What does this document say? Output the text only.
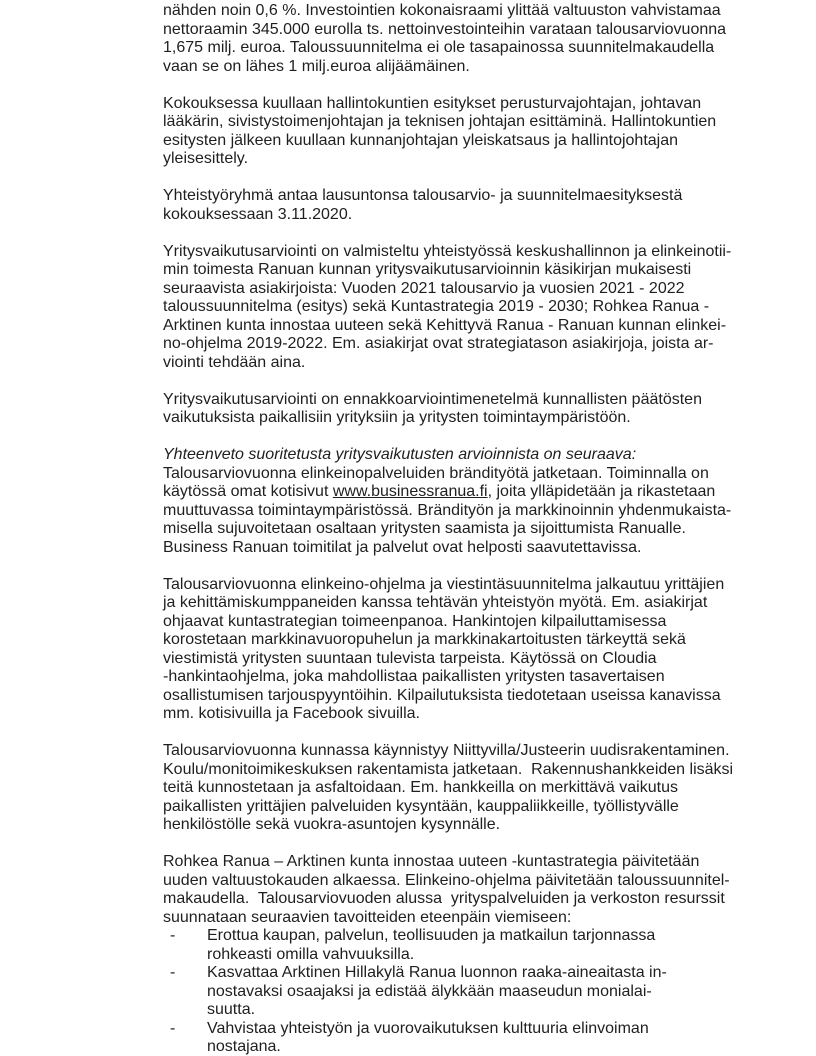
nähden noin 0,6 %. Investointien kokonaisraami ylittää valtuuston vahvistamaa
nettoraamin 345.000 eurolla ts. nettoinvestointeihin varataan talousarviovuonna
1,675 milj. euroa. Taloussuunnitelma ei ole tasapainossa suunnitelmakaudella
vaan se on lähes 1 milj.euroa alijäämäinen.
Kokouksessa kuullaan hallintokuntien esitykset perusturvajohtajan, johtavan
lääkärin, sivistystoimenjohtajan ja teknisen johtajan esittäminä. Hallintokuntien
esitysten jälkeen kuullaan kunnanjohtajan yleiskatsaus ja hallintojohtajan
yleisesittely.
Yhteistyöryhmä antaa lausuntonsa talousarvio- ja suunnitelmaesityksestä
kokouksessaan 3.11.2020.
Yritysvaikutusarviointi on valmisteltu yhteistyössä keskushallinnon ja elinkeinotii-
min toimesta Ranuan kunnan yritysvaikutusarvioinnin käsikirjan mukaisesti
seuraavista asiakirjoista: Vuoden 2021 talousarvio ja vuosien 2021 - 2022
taloussuunnitelma (esitys) sekä Kuntastrategia 2019 - 2030; Rohkea Ranua -
Arktinen kunta innostaa uuteen sekä Kehittyvä Ranua - Ranuan kunnan elinkei-
no-ohjelma 2019-2022. Em. asiakirjat ovat strategiatason asiakirjoja, joista ar-
viointi tehdään aina.
Yritysvaikutusarviointi on ennakkoarviointimenetelmä kunnallisten päätösten
vaikutuksista paikallisiin yrityksiin ja yritysten toimintaympäristöön.
Yhteenveto suoritetusta yritysvaikutusten arvioinnista on seuraava:
Talousarviovuonna elinkeinopalveluiden brändityötä jatketaan. Toiminnalla on
käytössä omat kotisivut www.businessranua.fi, joita ylläpidetään ja rikastetaan
muuttuvassa toimintaympäristössä. Brändityön ja markkinoinnin yhdenmukaista-
misella sujuvoitetaan osaltaan yritysten saamista ja sijoittumista Ranualle.
Business Ranuan toimitilat ja palvelut ovat helposti saavutettavissa.
Talousarviovuonna elinkeino-ohjelma ja viestintäsuunnitelma jalkautuu yrittäjien
ja kehittämiskumppaneiden kanssa tehtävän yhteistyön myötä. Em. asiakirjat
ohjaavat kuntastrategian toimeenpanoa. Hankintojen kilpailuttamisessa
korostetaan markkinavuoropuhelun ja markkinakartoitusten tärkeyttä sekä
viestimistä yritysten suuntaan tulevista tarpeista. Käytössä on Cloudia
-hankintaohjelma, joka mahdollistaa paikallisten yritysten tasavertaisen
osallistumisen tarjouspyyntöihin. Kilpailutuksista tiedotetaan useissa kanavissa
mm. kotisivuilla ja Facebook sivuilla.
Talousarviovuonna kunnassa käynnistyy Niittyvilla/Justeerin uudisrakentaminen.
Koulu/monitoimikeskuksen rakentamista jatketaan.  Rakennushankkeiden lisäksi
teitä kunnostetaan ja asfaltoidaan. Em. hankkeilla on merkittävä vaikutus
paikallisten yrittäjien palveluiden kysyntään, kauppaliikkeille, työllistyvälle
henkilöstölle sekä vuokra-asuntojen kysynnälle.
Rohkea Ranua – Arktinen kunta innostaa uuteen -kuntastrategia päivitetään
uuden valtuustokauden alkaessa. Elinkeino-ohjelma päivitetään taloussuunnitel-
makaudella.  Talousarviovuoden alussa  yrityspalveluiden ja verkoston resurssit
suunnataan seuraavien tavoitteiden eteenpäin viemiseen:
- Erottua kaupan, palvelun, teollisuuden ja matkailun tarjonnassa
rohkeasti omilla vahvuuksilla.
- Kasvattaa Arktinen Hillakylä Ranua luonnon raaka-aineaitasta in-
nostavaksi osaajaksi ja edistää älykkään maaseudun monialai-
suutta.
- Vahvistaa yhteistyön ja vuorovaikutuksen kulttuuria elinvoiman
nostajana.
